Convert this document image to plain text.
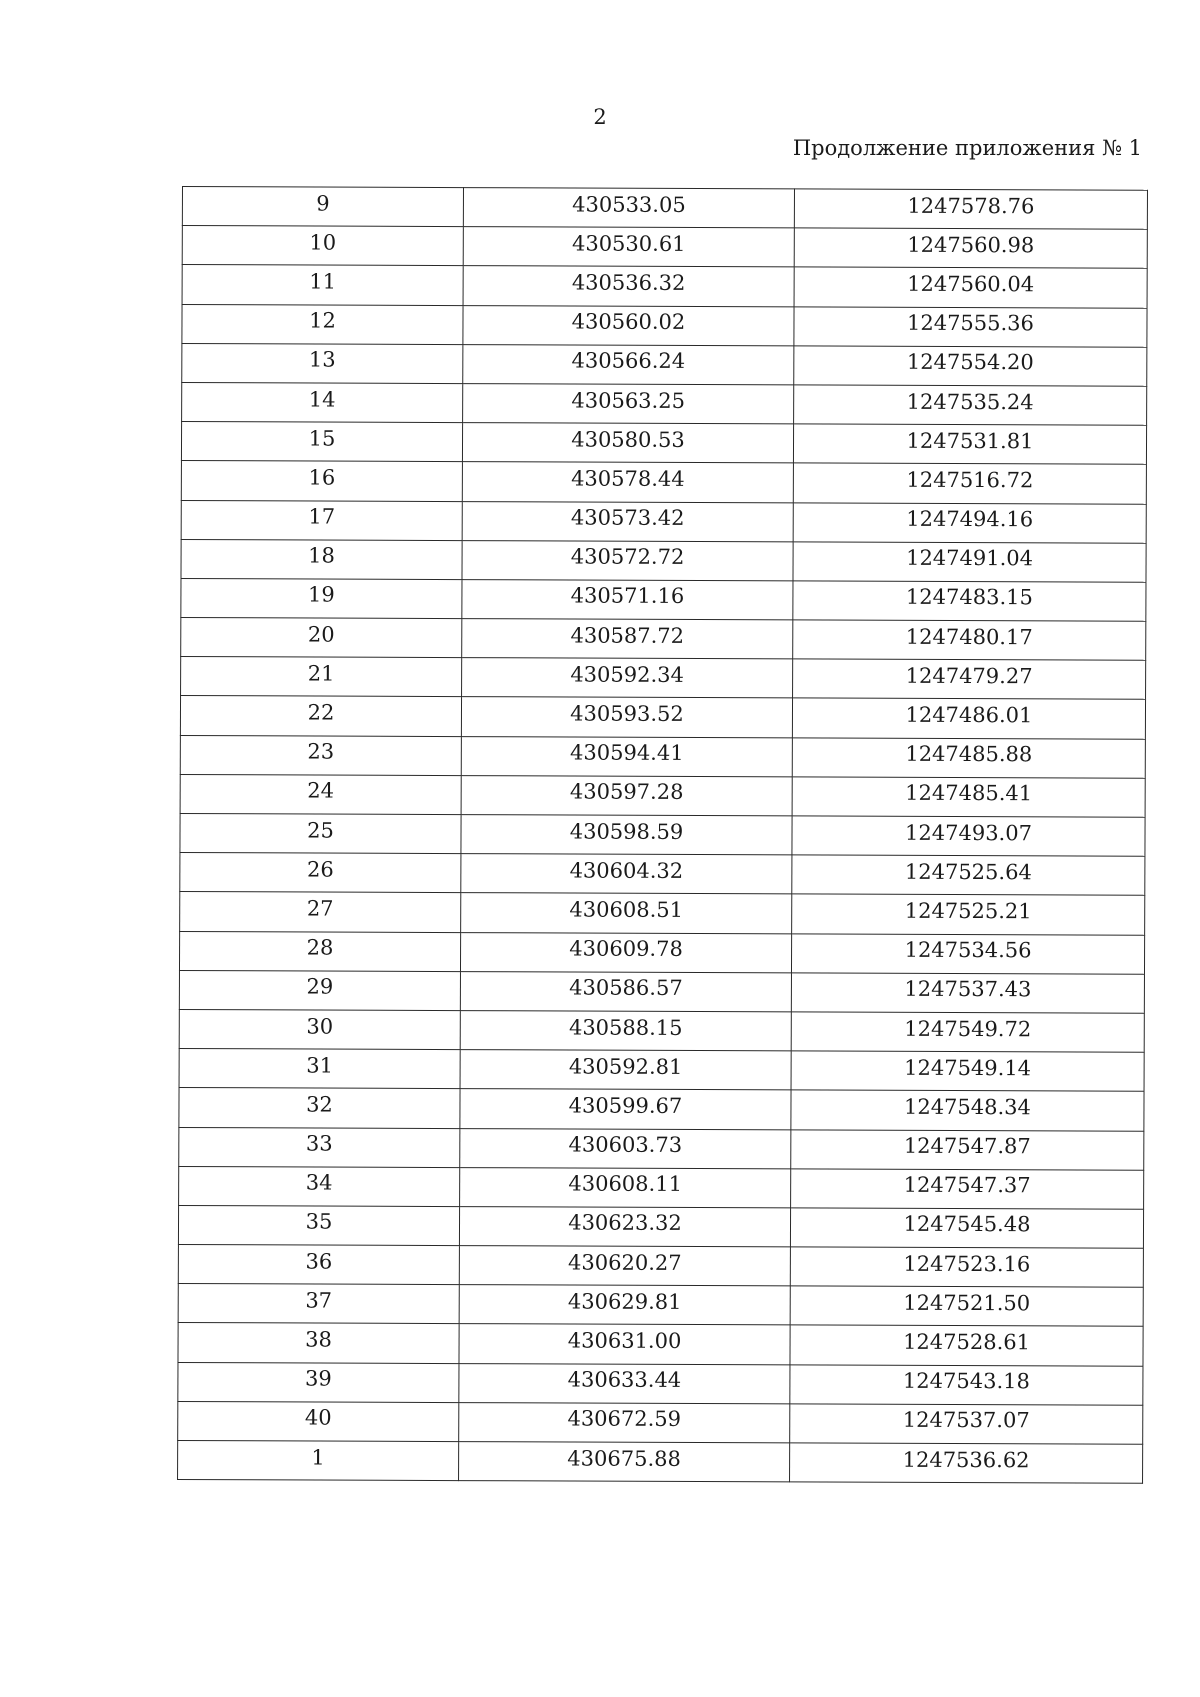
2
Продолжение приложения № 1
9	430533.05	1247578.76
10	430530.61	1247560.98
11	430536.32	1247560.04
12	430560.02	1247555.36
13	430566.24	1247554.20
14	430563.25	1247535.24
15	430580.53	1247531.81
16	430578.44	1247516.72
17	430573.42	1247494.16
18	430572.72	1247491.04
19	430571.16	1247483.15
20	430587.72	1247480.17
21	430592.34	1247479.27
22	430593.52	1247486.01
23	430594.41	1247485.88
24	430597.28	1247485.41
25	430598.59	1247493.07
26	430604.32	1247525.64
27	430608.51	1247525.21
28	430609.78	1247534.56
29	430586.57	1247537.43
30	430588.15	1247549.72
31	430592.81	1247549.14
32	430599.67	1247548.34
33	430603.73	1247547.87
34	430608.11	1247547.37
35	430623.32	1247545.48
36	430620.27	1247523.16
37	430629.81	1247521.50
38	430631.00	1247528.61
39	430633.44	1247543.18
40	430672.59	1247537.07
1	430675.88	1247536.62
